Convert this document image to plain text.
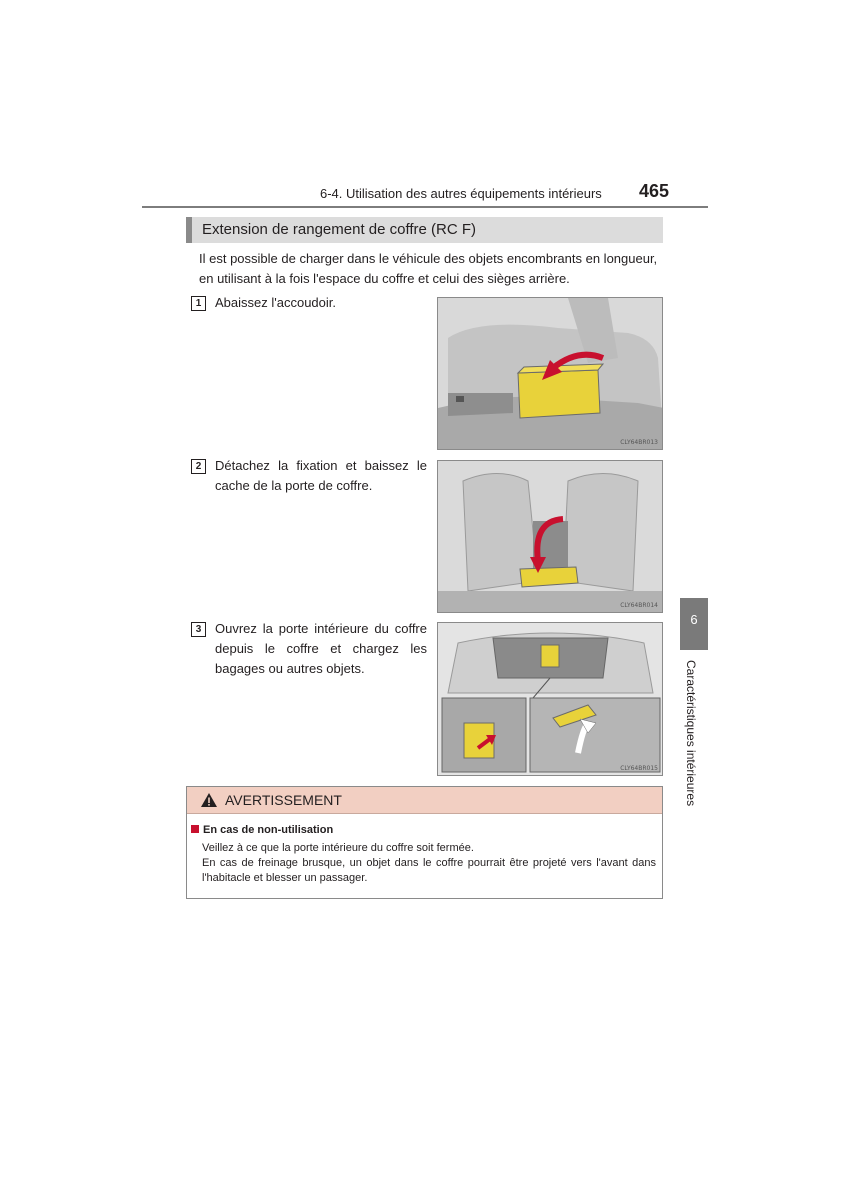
6-4. Utilisation des autres équipements intérieurs 465
Extension de rangement de coffre (RC F)
Il est possible de charger dans le véhicule des objets encombrants en longueur, en utilisant à la fois l'espace du coffre et celui des sièges arrière.
1	Abaissez l'accoudoir.
CLY64BR013
2	Détachez la fixation et baissez le cache de la porte de coffre.
CLY64BR014
3	Ouvrez la porte intérieure du coffre depuis le coffre et chargez les bagages ou autres objets.
CLY64BR015
6
Caractéristiques intérieures
AVERTISSEMENT
En cas de non-utilisation
Veillez à ce que la porte intérieure du coffre soit fermée.
En cas de freinage brusque, un objet dans le coffre pourrait être projeté vers l'avant dans l'habitacle et blesser un passager.
